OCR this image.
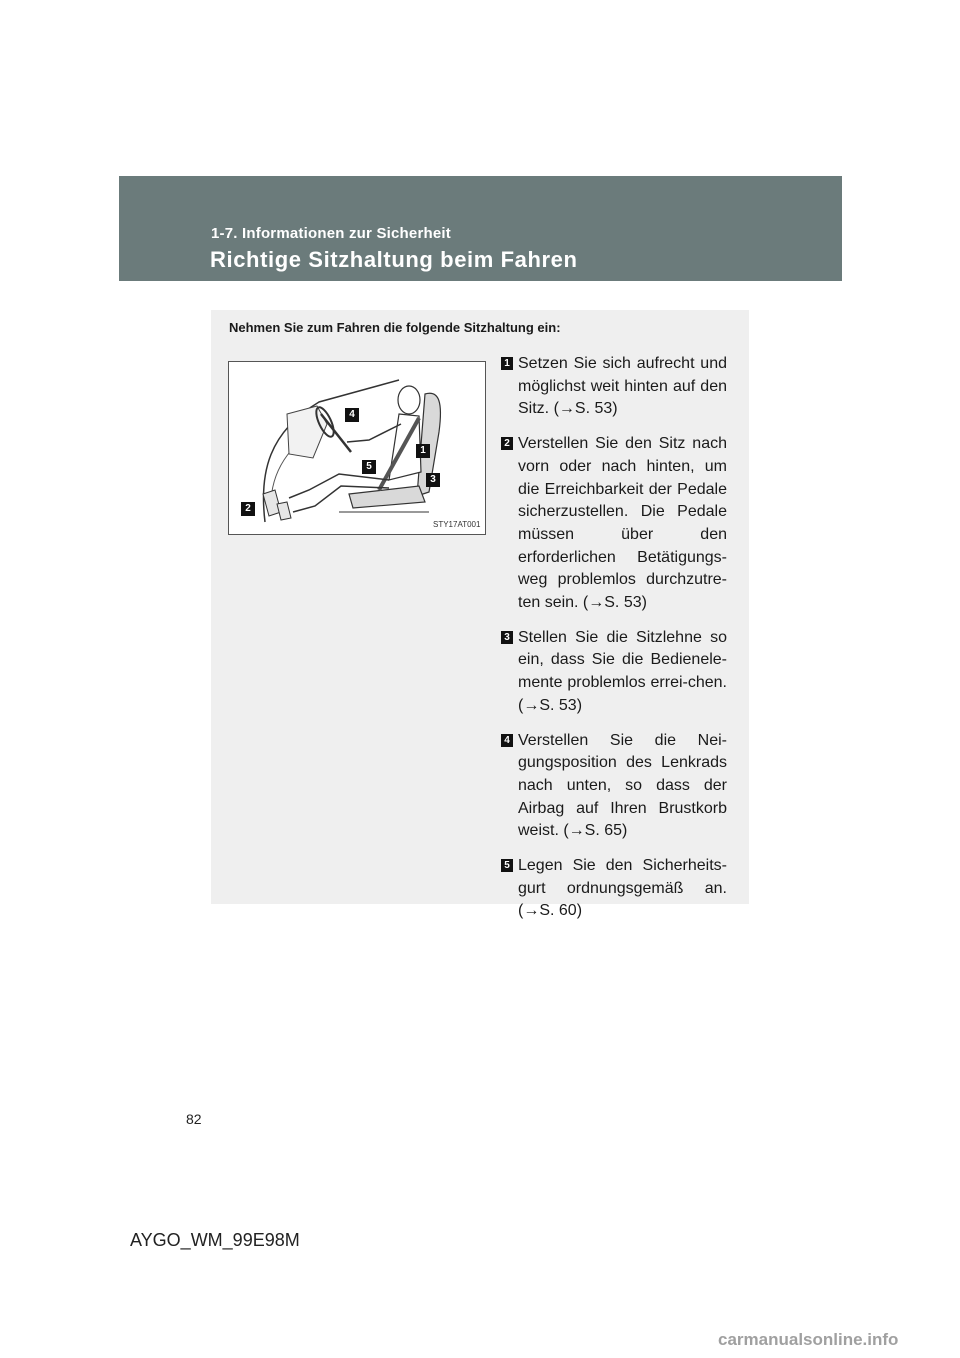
1-7. Informationen zur Sicherheit
Richtige Sitzhaltung beim Fahren
Nehmen Sie zum Fahren die folgende Sitzhaltung ein:
STY17AT001
4
1
5
3
2
1 Setzen Sie sich aufrecht und möglichst weit hinten auf den Sitz. (→S. 53)
2 Verstellen Sie den Sitz nach vorn oder nach hinten, um die Erreichbarkeit der Pedale sicherzustellen. Die Pedale müssen über den erforderlichen Betätigungs-weg problemlos durchzutre-ten sein. (→S. 53)
3 Stellen Sie die Sitzlehne so ein, dass Sie die Bedienele-mente problemlos errei-chen. (→S. 53)
4 Verstellen Sie die Nei-gungsposition des Lenkrads nach unten, so dass der Airbag auf Ihren Brustkorb weist. (→S. 65)
5 Legen Sie den Sicherheits-gurt ordnungsgemäß an. (→S. 60)
82
AYGO_WM_99E98M
carmanualsonline.info
